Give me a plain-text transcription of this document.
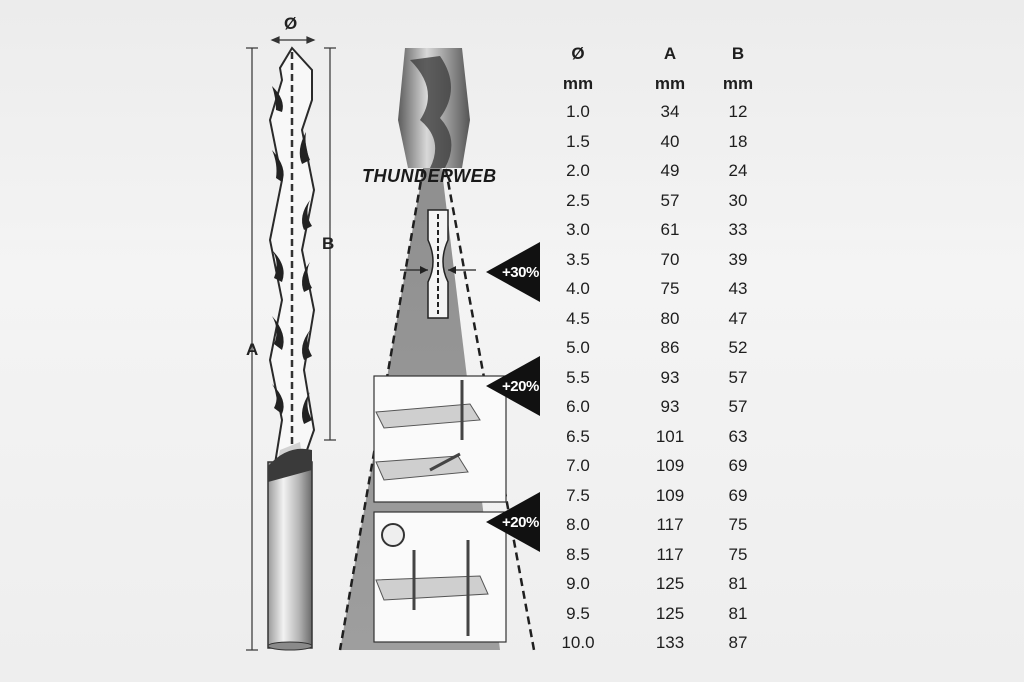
Ø
A
B
THUNDERWEB
+30%
+20%
+20%
Ø	A	B
mm	mm	mm
1.0	34	12
1.5	40	18
2.0	49	24
2.5	57	30
3.0	61	33
3.5	70	39
4.0	75	43
4.5	80	47
5.0	86	52
5.5	93	57
6.0	93	57
6.5	101	63
7.0	109	69
7.5	109	69
8.0	117	75
8.5	117	75
9.0	125	81
9.5	125	81
10.0	133	87
